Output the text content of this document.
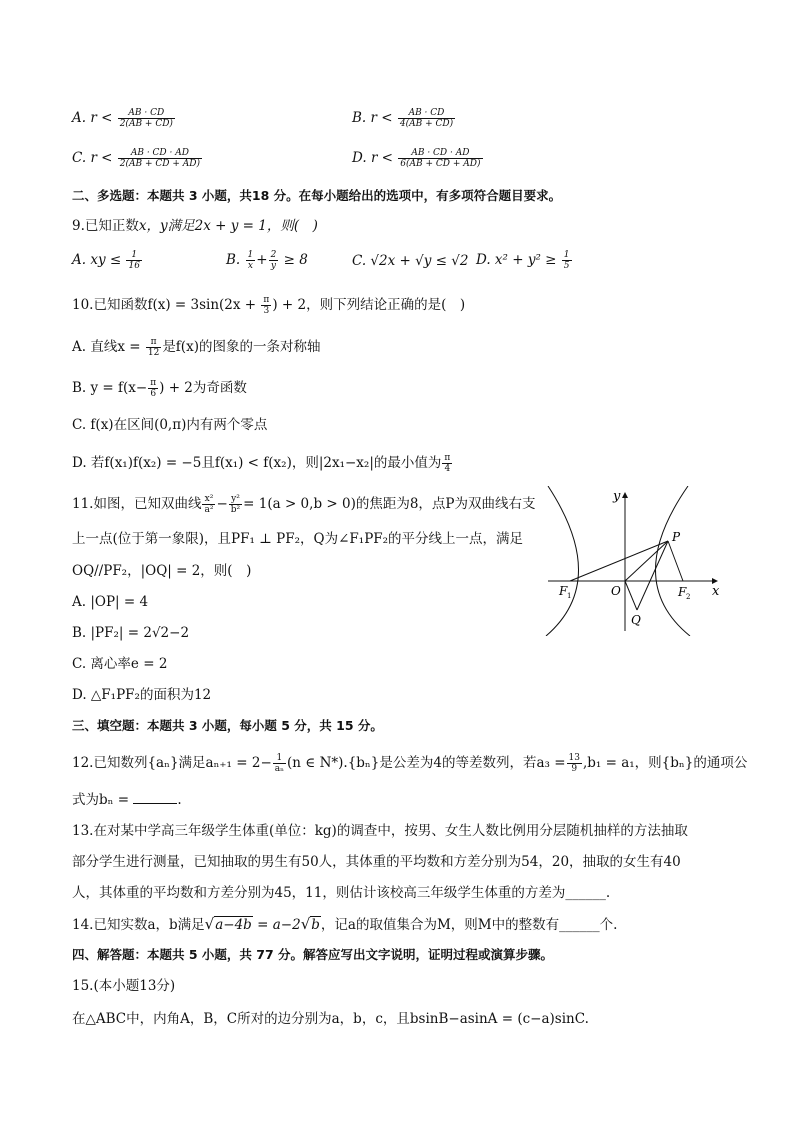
A. $r < \frac{AB \cdot CD}{2(AB + CD)}$	B. $r < \frac{AB \cdot CD}{4(AB + CD)}$
C. $r < \frac{AB \cdot CD \cdot AD}{2(AB + CD + AD)}$	D. $r < \frac{AB \cdot CD \cdot AD}{6(AB + CD + AD)}$
二、多选题：本题共 3 小题，共18 分。在每小题给出的选项中，有多项符合题目要求。
9.已知正数x，y满足2x + y = 1，则(　)
A. xy ≤ $\frac{1}{16}$	B. $\frac{1}{x} + \frac{2}{y} \ge 8$	C. √2x + √y ≤ √2 D. $x^2 + y^2 \ge \frac{1}{5}$
10.已知函数$f(x) = 3\sin(2x + \frac{\pi}{3}$ ) + 2，则下列结论正确的是(　)
A. 直线$x = \frac{\pi}{12}$ 是f(x)的图象的一条对称轴
B. $y = f(x- \frac{\pi}{6}$ ) + 2为奇函数
C. f(x)在区间(0,π)内有两个零点
D. 若f(x₁)f(x₂) = −5且f(x₁) < f(x₂)，则|2x₁−x₂|的最小值为 $\frac{\pi}{4}$
11.如图，已知双曲线 $\frac{\text{x²}}{\text{a²}} - \frac{\text{y²}}{\text{b²}} = 1(a > 0,b > 0)$的焦距为8，点P为双曲线右支
上一点(位于第一象限)，且PF₁ ⊥ PF₂，Q为∠F₁PF₂的平分线上一点，满足
OQ//PF₂，|OQ| = 2，则(　)
A. |OP| = 4
B. |PF₂| = 2√2−2
C. 离心率e = 2
D. △F₁PF₂的面积为12
y
x
P
F 1	O	F 2
Q
三、填空题：本题共 3 小题，每小题 5 分，共 15 分。
12.已知数列{aₙ}满足$a_{n+1} = 2- \frac{1}{\text{aₙ}} (n$ ∈ N*).{bₙ}是公差为4的等差数列，若$a_3 = \frac{13}{9} ,b_1 = a_1$，则{bₙ}的通项公
式为bₙ =	.
13.在对某中学高三年级学生体重(单位：kg)的调查中，按男、女生人数比例用分层随机抽样的方法抽取
部分学生进行测量，已知抽取的男生有50人，其体重的平均数和方差分别为54，20，抽取的女生有40
人，其体重的平均数和方差分别为45，11，则估计该校高三年级学生体重的方差为______.
14.已知实数a，b满足√a−4b = a−2√b，记a的取值集合为M，则M中的整数有______个.
四、解答题：本题共 5 小题，共 77 分。解答应写出文字说明，证明过程或演算步骤。
15.(本小题13分)
在△ABC中，内角A，B，C所对的边分别为a，b，c，且bsinB−asinA = (c−a)sinC.
